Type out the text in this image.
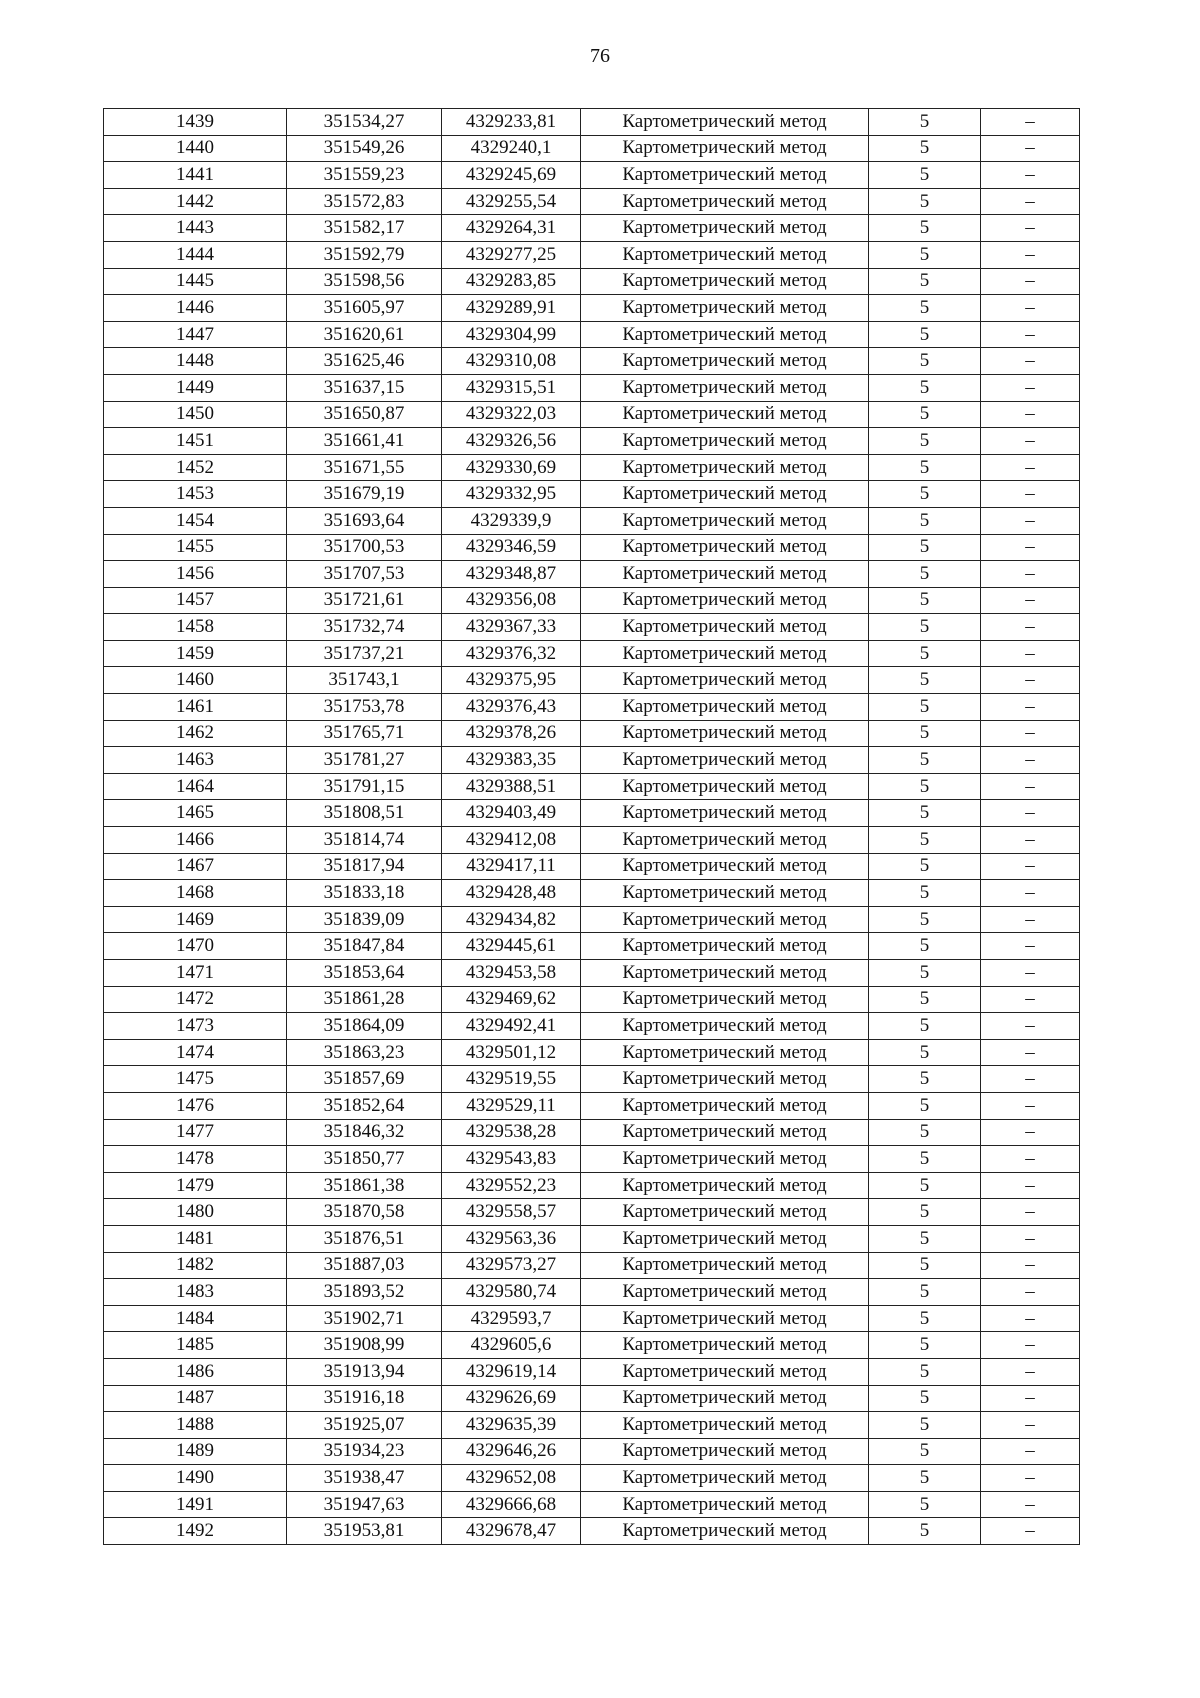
76
1439	351534,27	4329233,81	Картометрический метод	5	–
1440	351549,26	4329240,1	Картометрический метод	5	–
1441	351559,23	4329245,69	Картометрический метод	5	–
1442	351572,83	4329255,54	Картометрический метод	5	–
1443	351582,17	4329264,31	Картометрический метод	5	–
1444	351592,79	4329277,25	Картометрический метод	5	–
1445	351598,56	4329283,85	Картометрический метод	5	–
1446	351605,97	4329289,91	Картометрический метод	5	–
1447	351620,61	4329304,99	Картометрический метод	5	–
1448	351625,46	4329310,08	Картометрический метод	5	–
1449	351637,15	4329315,51	Картометрический метод	5	–
1450	351650,87	4329322,03	Картометрический метод	5	–
1451	351661,41	4329326,56	Картометрический метод	5	–
1452	351671,55	4329330,69	Картометрический метод	5	–
1453	351679,19	4329332,95	Картометрический метод	5	–
1454	351693,64	4329339,9	Картометрический метод	5	–
1455	351700,53	4329346,59	Картометрический метод	5	–
1456	351707,53	4329348,87	Картометрический метод	5	–
1457	351721,61	4329356,08	Картометрический метод	5	–
1458	351732,74	4329367,33	Картометрический метод	5	–
1459	351737,21	4329376,32	Картометрический метод	5	–
1460	351743,1	4329375,95	Картометрический метод	5	–
1461	351753,78	4329376,43	Картометрический метод	5	–
1462	351765,71	4329378,26	Картометрический метод	5	–
1463	351781,27	4329383,35	Картометрический метод	5	–
1464	351791,15	4329388,51	Картометрический метод	5	–
1465	351808,51	4329403,49	Картометрический метод	5	–
1466	351814,74	4329412,08	Картометрический метод	5	–
1467	351817,94	4329417,11	Картометрический метод	5	–
1468	351833,18	4329428,48	Картометрический метод	5	–
1469	351839,09	4329434,82	Картометрический метод	5	–
1470	351847,84	4329445,61	Картометрический метод	5	–
1471	351853,64	4329453,58	Картометрический метод	5	–
1472	351861,28	4329469,62	Картометрический метод	5	–
1473	351864,09	4329492,41	Картометрический метод	5	–
1474	351863,23	4329501,12	Картометрический метод	5	–
1475	351857,69	4329519,55	Картометрический метод	5	–
1476	351852,64	4329529,11	Картометрический метод	5	–
1477	351846,32	4329538,28	Картометрический метод	5	–
1478	351850,77	4329543,83	Картометрический метод	5	–
1479	351861,38	4329552,23	Картометрический метод	5	–
1480	351870,58	4329558,57	Картометрический метод	5	–
1481	351876,51	4329563,36	Картометрический метод	5	–
1482	351887,03	4329573,27	Картометрический метод	5	–
1483	351893,52	4329580,74	Картометрический метод	5	–
1484	351902,71	4329593,7	Картометрический метод	5	–
1485	351908,99	4329605,6	Картометрический метод	5	–
1486	351913,94	4329619,14	Картометрический метод	5	–
1487	351916,18	4329626,69	Картометрический метод	5	–
1488	351925,07	4329635,39	Картометрический метод	5	–
1489	351934,23	4329646,26	Картометрический метод	5	–
1490	351938,47	4329652,08	Картометрический метод	5	–
1491	351947,63	4329666,68	Картометрический метод	5	–
1492	351953,81	4329678,47	Картометрический метод	5	–
